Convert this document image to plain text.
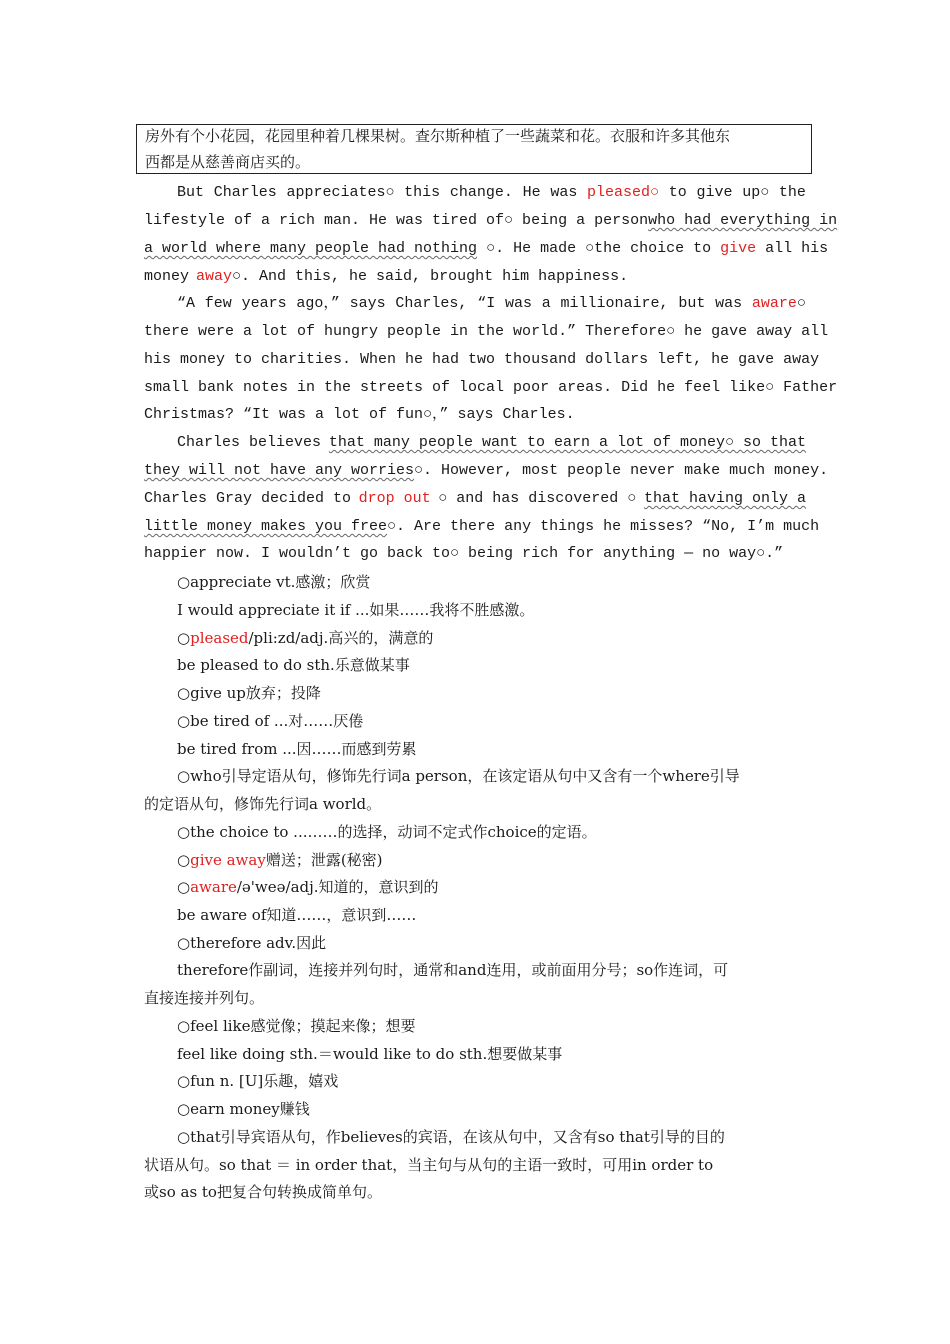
房外有个小花园，花园里种着几棵果树。查尔斯种植了一些蔬菜和花。衣服和许多其他东
西都是从慈善商店买的。
But Charles appreciates○ this change. He was pleased○ to give up○ the
lifestyle of a rich man. He was tired of○ being a person who had everything in
a world where many people had nothing ○. He made ○the choice to give all his
money away ○. And this, he said, brought him happiness.
“A few years ago，” says Charles, “I was a millionaire, but was aware○
there were a lot of hungry people in the world.” Therefore○ he gave away all
his money to charities. When he had two thousand dollars left, he gave away
small bank notes in the streets of local poor areas. Did he feel like○ Father
Christmas? “It was a lot of fun○，” says Charles.
Charles believes that many people want to earn a lot of money○ so that
they will not have any worries ○. However, most people never make much money.
Charles Gray decided to drop out ○ and has discovered ○ that having only a
little money makes you free ○. Are there any things he misses? “No, I’m much
happier now. I wouldn’t go back to○ being rich for anything — no way○.”
○appreciate vt.感激；欣赏
I would appreciate it if ...如果……我将不胜感激。
○ pleased /pli:zd/adj.高兴的，满意的
be pleased to do sth.乐意做某事
○give up放弃；投降
○be tired of ...对……厌倦
be tired from ...因……而感到劳累
○who引导定语从句，修饰先行词a person，在该定语从句中又含有一个where引导
的定语从句，修饰先行词a world。
○the choice to ...……的选择，动词不定式作choice的定语。
○ give away 赠送；泄露(秘密)
○ aware /ə'weə/adj.知道的，意识到的
be aware of知道……，意识到……
○therefore adv.因此
therefore作副词，连接并列句时，通常和and连用，或前面用分号；so作连词，可
直接连接并列句。
○feel like感觉像；摸起来像；想要
feel like doing sth.＝would like to do sth.想要做某事
○fun n. [U]乐趣，嬉戏
○earn money赚钱
○that引导宾语从句，作believes的宾语，在该从句中，又含有so that引导的目的
状语从句。so that ＝ in order that，当主句与从句的主语一致时，可用in order to
或so as to把复合句转换成简单句。
